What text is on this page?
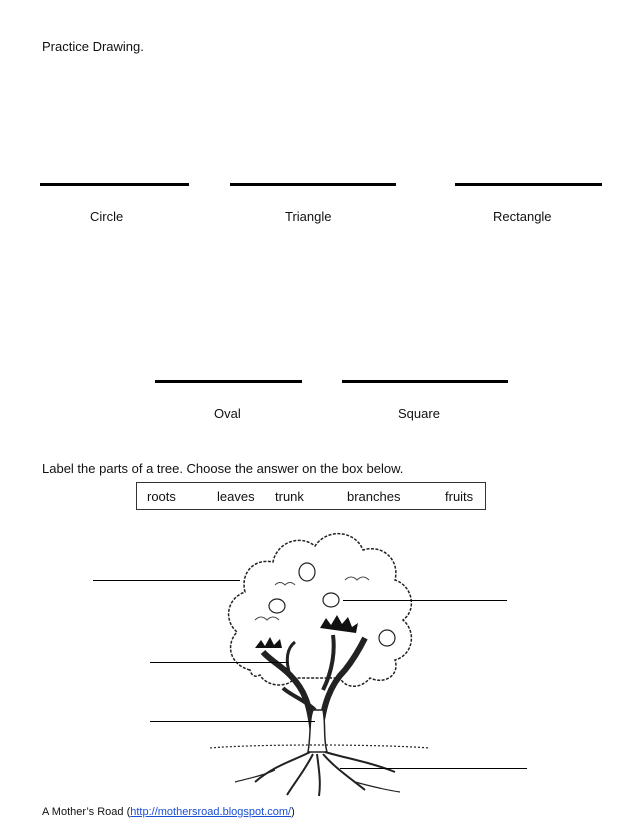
Practice Drawing.
Circle	Triangle	Rectangle
Oval	Square
Label the parts of a tree. Choose the answer on the box below.
roots	leaves trunk	branches	fruits
A Mother’s Road (http://mothersroad.blogspot.com/)
